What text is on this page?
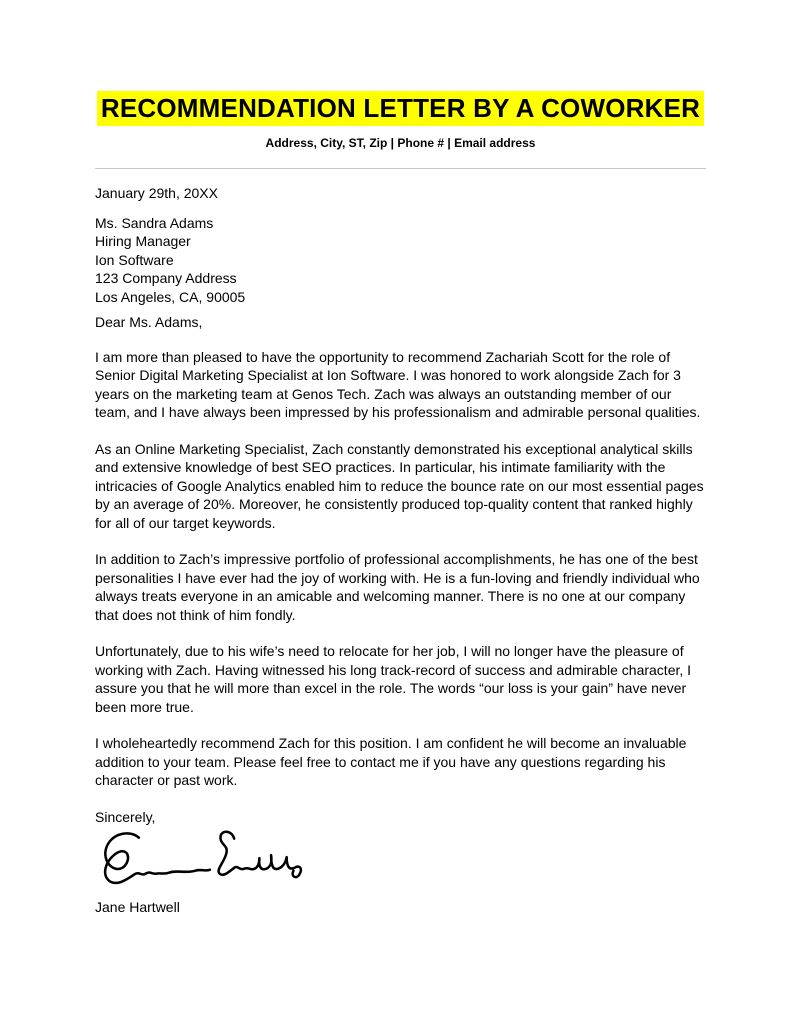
RECOMMENDATION LETTER BY A COWORKER
Address, City, ST, Zip | Phone # | Email address
January 29th, 20XX
Ms. Sandra Adams
Hiring Manager
Ion Software
123 Company Address
Los Angeles, CA, 90005
Dear Ms. Adams,

I am more than pleased to have the opportunity to recommend Zachariah Scott for the role of Senior Digital Marketing Specialist at Ion Software. I was honored to work alongside Zach for 3 years on the marketing team at Genos Tech. Zach was always an outstanding member of our team, and I have always been impressed by his professionalism and admirable personal qualities.

As an Online Marketing Specialist, Zach constantly demonstrated his exceptional analytical skills and extensive knowledge of best SEO practices. In particular, his intimate familiarity with the intricacies of Google Analytics enabled him to reduce the bounce rate on our most essential pages by an average of 20%. Moreover, he consistently produced top-quality content that ranked highly for all of our target keywords.

In addition to Zach’s impressive portfolio of professional accomplishments, he has one of the best personalities I have ever had the joy of working with. He is a fun-loving and friendly individual who always treats everyone in an amicable and welcoming manner. There is no one at our company that does not think of him fondly.

Unfortunately, due to his wife’s need to relocate for her job, I will no longer have the pleasure of working with Zach. Having witnessed his long track-record of success and admirable character, I assure you that he will more than excel in the role. The words “our loss is your gain” have never been more true.

I wholeheartedly recommend Zach for this position. I am confident he will become an invaluable addition to your team. Please feel free to contact me if you have any questions regarding his character or past work.

Sincerely,
Jane Hartwell
